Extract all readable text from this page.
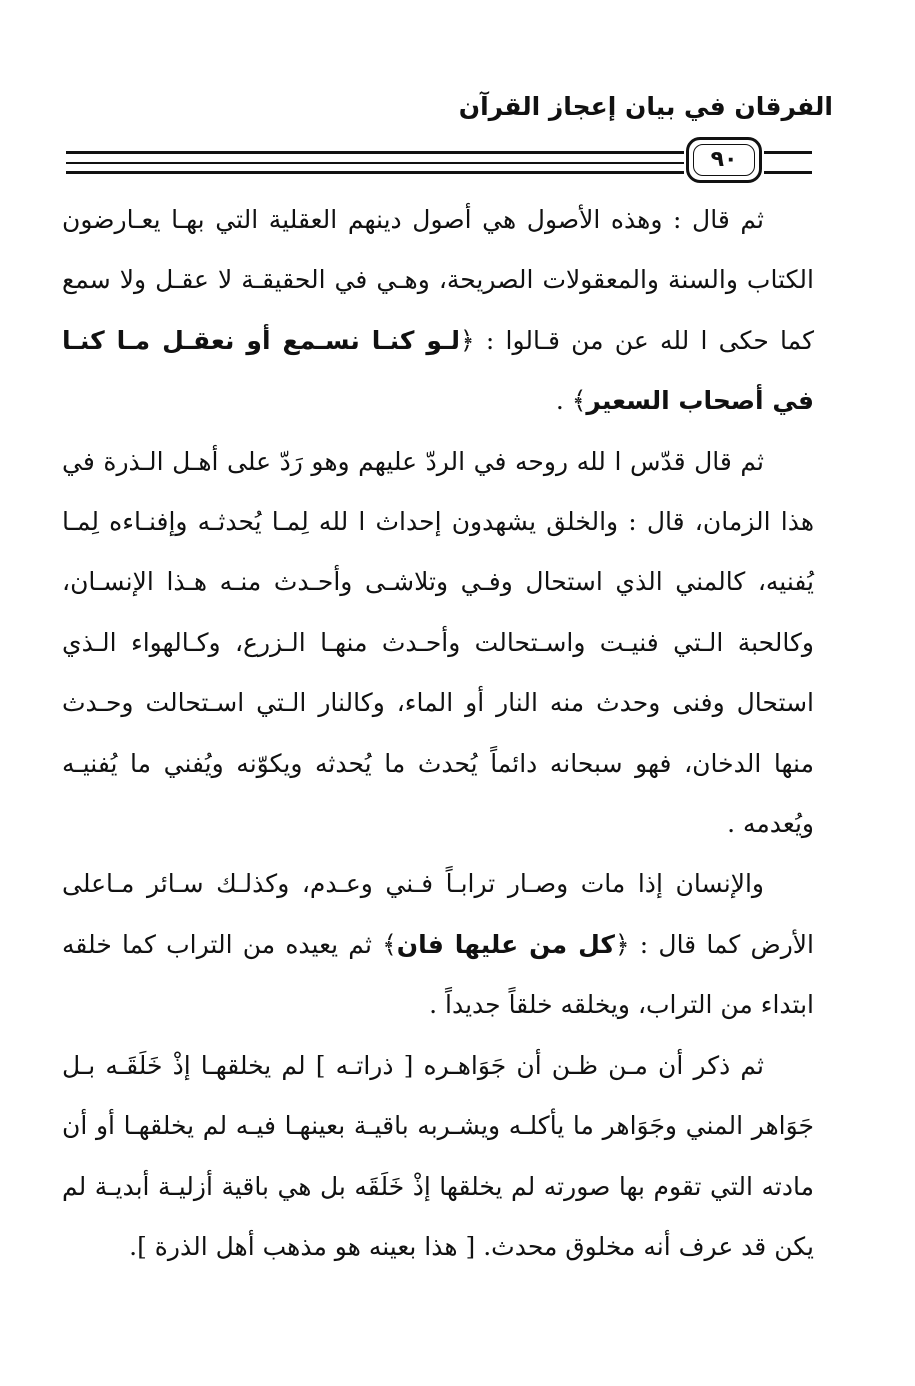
الفرقان في بيان إعجاز القرآن
٩٠

ثم قال : وهذه الأصول هي أصول دينهم العقلية التي بهـا يعـارضون الكتاب والسنة والمعقولات الصريحة، وهـي في الحقيقـة لا عقـل ولا سمع كما حكى ا لله عن من قـالوا : ﴿لـو كنـا نسـمع أو نعقـل مـا كنـا في أصحاب السعير﴾ .

ثم قال قدّس ا لله روحه في الردّ عليهم وهو رَدّ على أهـل الـذرة في هذا الزمان، قال : والخلق يشهدون إحداث ا لله لِمـا يُحدثـه وإفنـاءه لِمـا يُفنيه، كالمني الذي استحال وفـي وتلاشـى وأحـدث منـه هـذا الإنسـان، وكالحبة الـتي فنيـت واسـتحالت وأحـدث منهـا الـزرع، وكـالهواء الـذي استحال وفنى وحدث منه النار أو الماء، وكالنار الـتي اسـتحالت وحـدث منها الدخان، فهو سبحانه دائماً يُحدث ما يُحدثه ويكوّنه ويُفني ما يُفنيـه ويُعدمه .

والإنسان إذا مات وصـار ترابـاً فـني وعـدم، وكذلـك سـائر مـاعلى الأرض كما قال : ﴿كل من عليها فان﴾ ثم يعيده من التراب كما خلقه ابتداء من التراب، ويخلقه خلقاً جديداً .

ثم ذكر أن مـن ظـن أن جَوَاهـره [ ذراتـه ] لم يخلقهـا إذْ خَلَقَـه بـل جَوَاهر المني وجَوَاهر ما يأكلـه ويشـربه باقيـة بعينهـا فيـه لم يخلقهـا أو أن مادته التي تقوم بها صورته لم يخلقها إذْ خَلَقَه بل هي باقية أزليـة أبديـة لم يكن قد عرف أنه مخلوق محدث. [ هذا بعينه هو مذهب أهل الذرة ].
